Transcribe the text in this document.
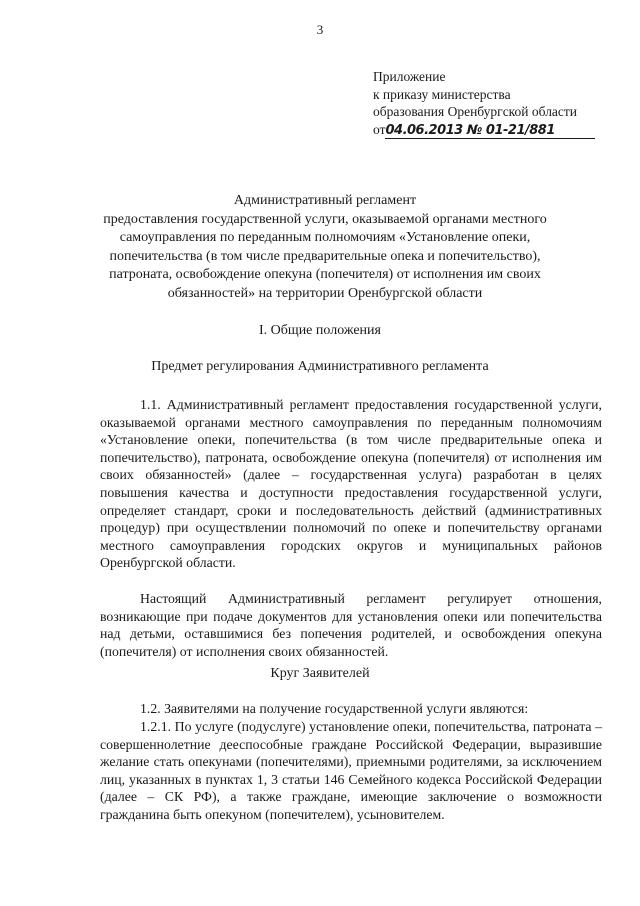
3
Приложение
к приказу министерства
образования Оренбургской области
от04.06.2013 № 01-21/881
Административный регламент
предоставления государственной услуги, оказываемой органами местного
самоуправления по переданным полномочиям «Установление опеки,
попечительства (в том числе предварительные опека и попечительство),
патроната, освобождение опекуна (попечителя) от исполнения им своих
обязанностей» на территории Оренбургской области
I. Общие положения
Предмет регулирования Административного регламента

1.1. Административный регламент предоставления государственной услуги, оказываемой органами местного самоуправления по переданным полномочиям «Установление опеки, попечительства (в том числе предварительные опека и попечительство), патроната, освобождение опекуна (попечителя) от исполнения им своих обязанностей» (далее – государственная услуга) разработан в целях повышения качества и доступности предоставления государственной услуги, определяет стандарт, сроки и последовательность действий (административных процедур) при осуществлении полномочий по опеке и попечительству органами местного самоуправления городских округов и муниципальных районов Оренбургской области.

Настоящий Административный регламент регулирует отношения, возникающие при подаче документов для установления опеки или попечительства над детьми, оставшимися без попечения родителей, и освобождения опекуна (попечителя) от исполнения своих обязанностей.

Круг Заявителей

1.2. Заявителями на получение государственной услуги являются:

1.2.1. По услуге (подуслуге) установление опеки, попечительства, патроната – совершеннолетние дееспособные граждане Российской Федерации, выразившие желание стать опекунами (попечителями), приемными родителями, за исключением лиц, указанных в пунктах 1, 3 статьи 146 Семейного кодекса Российской Федерации (далее – СК РФ), а также граждане, имеющие заключение о возможности гражданина быть опекуном (попечителем), усыновителем.
